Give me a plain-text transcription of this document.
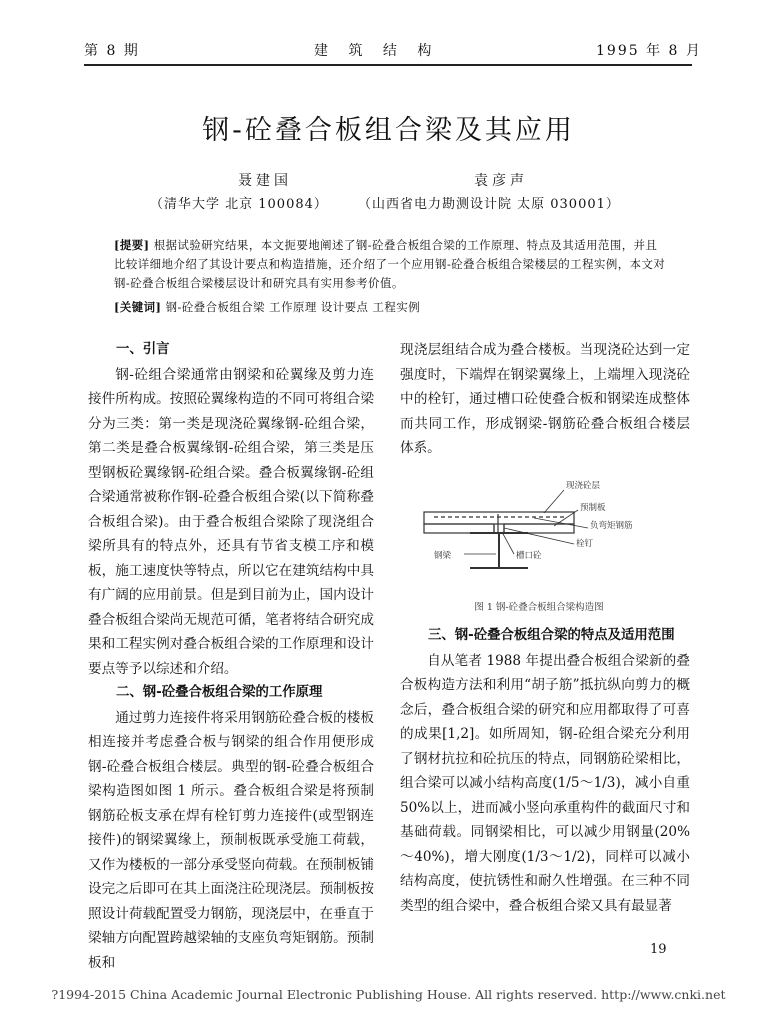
第 8 期	建 筑 结 构	1995 年 8 月
钢-砼叠合板组合梁及其应用
聂建国
（清华大学 北京 100084）
袁彦声
（山西省电力勘测设计院 太原 030001）
[提要] 根据试验研究结果，本文扼要地阐述了钢-砼叠合板组合梁的工作原理、特点及其适用范围，并且比较详细地介绍了其设计要点和构造措施，还介绍了一个应用钢-砼叠合板组合梁楼层的工程实例，本文对钢-砼叠合板组合梁楼层设计和研究具有实用参考价值。
[关键词] 钢-砼叠合板组合梁 工作原理 设计要点 工程实例
一、引言

钢-砼组合梁通常由钢梁和砼翼缘及剪力连接件所构成。按照砼翼缘构造的不同可将组合梁分为三类：第一类是现浇砼翼缘钢-砼组合梁，第二类是叠合板翼缘钢-砼组合梁，第三类是压型钢板砼翼缘钢-砼组合梁。叠合板翼缘钢-砼组合梁通常被称作钢-砼叠合板组合梁(以下简称叠合板组合梁)。由于叠合板组合梁除了现浇组合梁所具有的特点外，还具有节省支模工序和模板，施工速度快等特点，所以它在建筑结构中具有广阔的应用前景。但是到目前为止，国内设计叠合板组合梁尚无规范可循，笔者将结合研究成果和工程实例对叠合板组合梁的工作原理和设计要点等予以综述和介绍。

二、钢-砼叠合板组合梁的工作原理

通过剪力连接件将采用钢筋砼叠合板的楼板相连接并考虑叠合板与钢梁的组合作用便形成钢-砼叠合板组合楼层。典型的钢-砼叠合板组合梁构造图如图 1 所示。叠合板组合梁是将预制钢筋砼板支承在焊有栓钉剪力连接件(或型钢连接件)的钢梁翼缘上，预制板既承受施工荷载，又作为楼板的一部分承受竖向荷载。在预制板铺设完之后即可在其上面浇注砼现浇层。预制板按照设计荷载配置受力钢筋，现浇层中，在垂直于梁轴方向配置跨越梁轴的支座负弯矩钢筋。预制板和

现浇层组结合成为叠合楼板。当现浇砼达到一定强度时，下端焊在钢梁翼缘上，上端埋入现浇砼中的栓钉，通过槽口砼使叠合板和钢梁连成整体而共同工作，形成钢梁-钢筋砼叠合板组合楼层体系。

现浇砼层
预制板
负弯矩钢筋
栓钉
钢梁	槽口砼
图 1 钢-砼叠合板组合梁构造图
三、钢-砼叠合板组合梁的特点及适用范围

自从笔者 1988 年提出叠合板组合梁新的叠合板构造方法和利用“胡子筋”抵抗纵向剪力的概念后，叠合板组合梁的研究和应用都取得了可喜的成果[1,2]。如所周知，钢-砼组合梁充分利用了钢材抗拉和砼抗压的特点，同钢筋砼梁相比，组合梁可以减小结构高度(1/5～1/3)，减小自重 50%以上，进而减小竖向承重构件的截面尺寸和基础荷载。同钢梁相比，可以减少用钢量(20%～40%)，增大刚度(1/3～1/2)，同样可以减小结构高度，使抗锈性和耐久性增强。在三种不同类型的组合梁中，叠合板组合梁又具有最显著

19
?1994-2015 China Academic Journal Electronic Publishing House. All rights reserved. http://www.cnki.net
